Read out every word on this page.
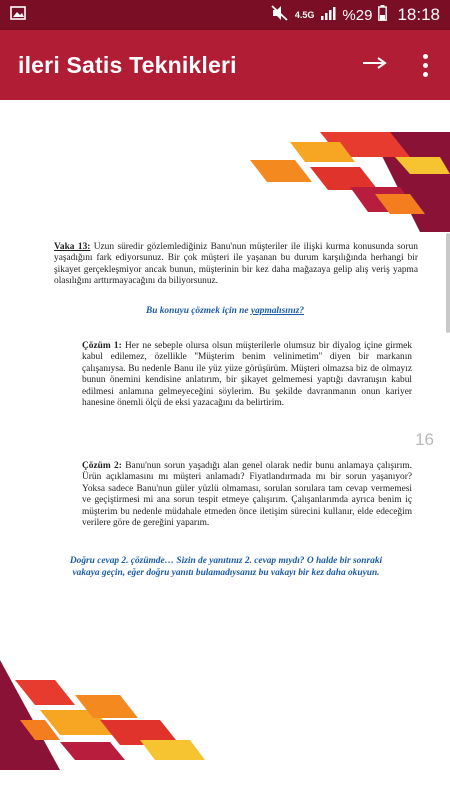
4.5G %29 18:18
ileri Satis Teknikleri
Vaka 13: Uzun süredir gözlemlediğiniz Banu'nun müşteriler ile ilişki kurma konusunda sorun yaşadığını fark ediyorsunuz. Bir çok müşteri ile yaşanan bu durum karşılığında herhangi bir şikayet gerçekleşmiyor ancak bunun, müşterinin bir kez daha mağazaya gelip alış veriş yapma olasılığını arttırmayacağını da biliyorsunuz.
Bu konuyu çözmek için ne yapmalısınız?
Çözüm 1: Her ne sebeple olursa olsun müşterilerle olumsuz bir diyalog içine girmek kabul edilemez, özellikle ''Müşterim benim velinimetim'' diyen bir markanın çalışanıysa. Bu nedenle Banu ile yüz yüze görüşürüm. Müşteri olmazsa biz de olmayız bunun önemini kendisine anlatırım, bir şikayet gelmemesi yaptığı davranışın kabul edilmesi anlamına gelmeyeceğini söylerim. Bu şekilde davranmanın onun kariyer hanesine önemli ölçü de eksi yazacağını da belirtirim.
Çözüm 2: Banu'nun sorun yaşadığı alan genel olarak nedir bunu anlamaya çalışırım. Ürün açıklamasını mı müşteri anlamadı? Fiyatlandırmada mı bir sorun yaşanıyor? Yoksa sadece Banu'nun güler yüzlü olmaması, sorulan sorulara tam cevap vermemesi ve geçiştirmesi mi ana sorun tespit etmeye çalışırım. Çalışanlarımda ayrıca benim iç müşterim bu nedenle müdahale etmeden önce iletişim sürecini kullanır, elde edeceğim verilere göre de gereğini yaparım.
Doğru cevap 2. çözümde… Sizin de yanıtınız 2. cevap mıydı? O halde bir sonraki vakaya geçin, eğer doğru yanıtı bulamadıysanız bu vakayı bir kez daha okuyun.
16
